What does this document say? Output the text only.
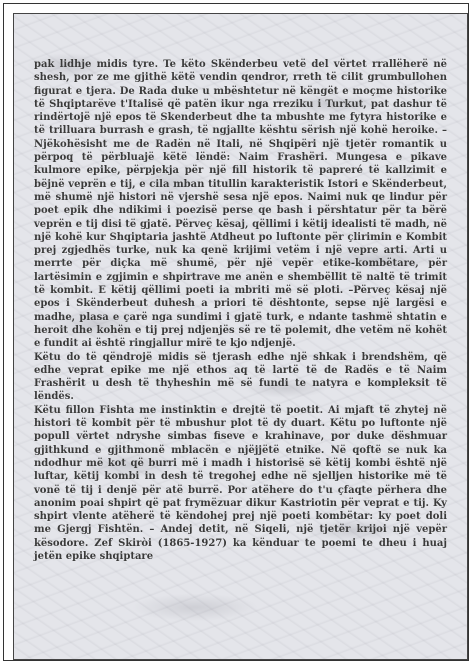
pak lidhje midis tyre. Te këto Skënderbeu vetë del vërtet rrallëherë në shesh, por ze me gjithë këtë vendin qendror, rreth të cilit grumbullohen figurat e tjera. De Rada duke u mbështetur në këngët e moçme historike të Shqiptarëve t'Italisë që patën ikur nga rreziku i Turkut, pat dashur të rindërtojë një epos të Skenderbeut dhe ta mbushte me fytyra historike e të trilluara burrash e grash, të ngjallte kështu sërish një kohë heroike. – Njëkohësisht me de Radën në Itali, në Shqipëri një tjetër romantik u përpoq të përbluajë këtë lëndë: Naim Frashëri. Mungesa e pikave kulmore epike, përpjekja për një fill historik të papreré të kallzimit e bëjnë veprën e tij, e cila mban titullin karakteristik Istori e Skënderbeut, më shumë një histori në vjershë sesa një epos. Naimi nuk qe lindur për poet epik dhe ndikimi i poezisë perse qe bash i përshtatur për ta bërë veprën e tij disi të gjatë. Përveç kësaj, qëllimi i këtij idealisti të madh, në një kohë kur Shqiptaria jashtë Atdheut po luftonte për çlirimin e Kombit prej zgjedhës turke, nuk ka qenë krijimi vetëm i një vepre arti. Arti u merrte për diçka më shumë, për një vepër etike-kombëtare, për lartësimin e zgjimin e shpirtrave me anën e shembëllit të naltë të trimit të kombit. E këtij qëllimi poeti ia mbriti më së ploti. –Përveç kësaj një epos i Skënderbeut duhesh a priori të dështonte, sepse një largësi e madhe, plasa e çarë nga sundimi i gjatë turk, e ndante tashmë shtatin e heroit dhe kohën e tij prej ndjenjës së re të polemit, dhe vetëm në kohët e fundit ai është ringjallur mirë te kjo ndjenjë.

Këtu do të qëndrojë midis së tjerash edhe një shkak i brendshëm, që edhe veprat epike me një ethos aq të lartë të de Radës e të Naim Frashërit u desh të thyheshin më së fundi te natyra e kompleksit të lëndës.

Këtu fillon Fishta me instinktin e drejtë të poetit. Ai mjaft të zhytej në histori të kombit për të mbushur plot të dy duart. Këtu po luftonte një popull vërtet ndryshe simbas fiseve e krahinave, por duke dëshmuar gjithkund e gjithmonë mblacën e njëjjëtë etnike. Në qoftë se nuk ka ndodhur më kot që burri më i madh i historisë së këtij kombi është një luftar, këtij kombi in desh të tregohej edhe në sjelljen historike më të vonë të tij i denjë për atë burrë. Por atëhere do t'u çfaqte përhera dhe anonim poai shpirt që pat frymëzuar dikur Kastriotin për veprat e tij. Ky shpirt vlente atëherë të këndohej prej një poeti kombëtar: ky poet doli me Gjergj Fishtën. – Andej detit, në Siqeli, një tjetër krijoi një vepër kësodore. Zef Skiròi (1865-1927) ka kënduar te poemi te dheu i huaj jetën epike shqiptare
